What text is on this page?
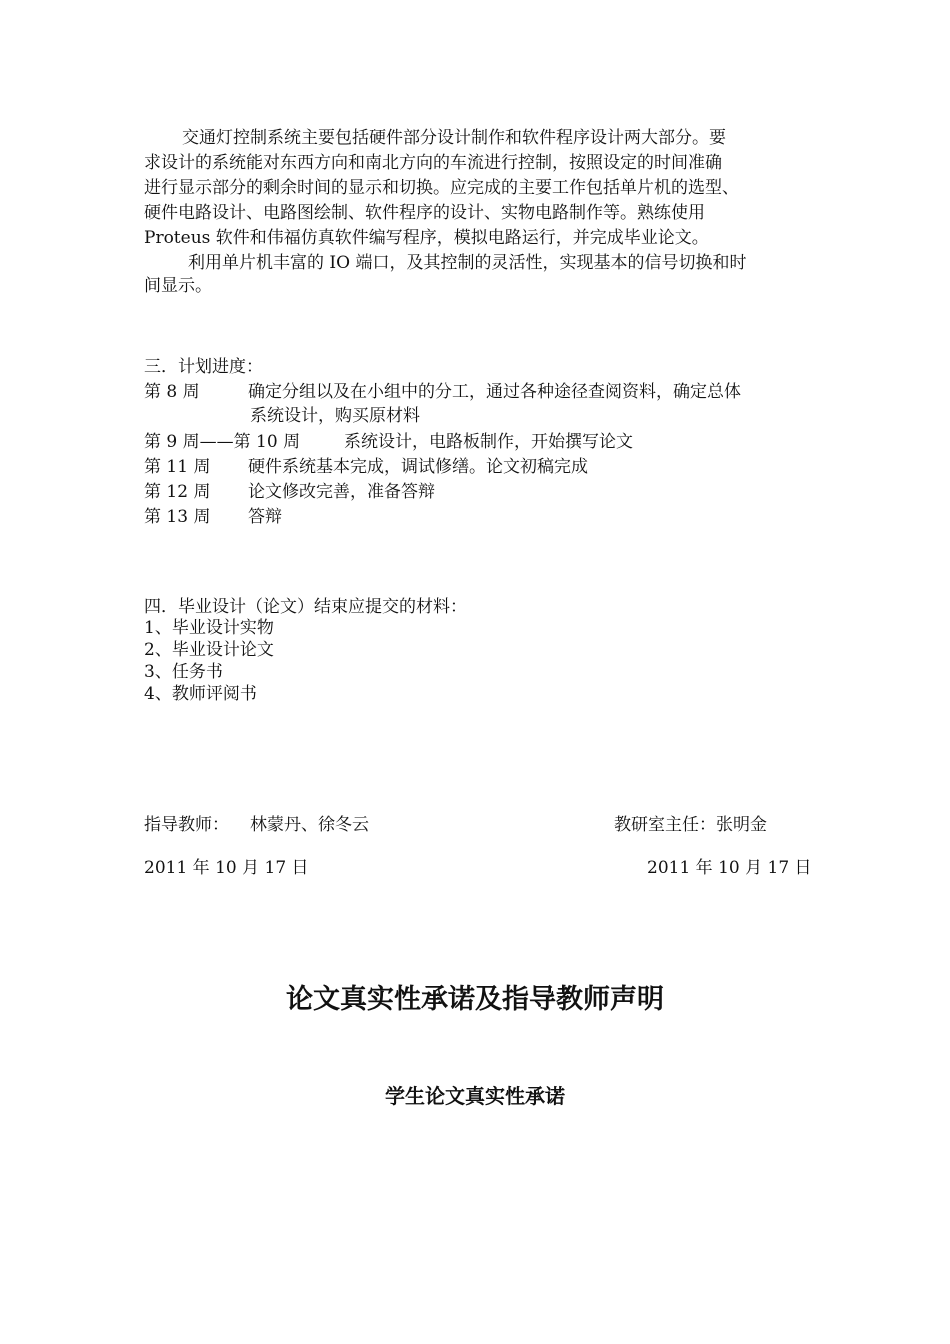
交通灯控制系统主要包括硬件部分设计制作和软件程序设计两大部分。要
求设计的系统能对东西方向和南北方向的车流进行控制，按照设定的时间准确
进行显示部分的剩余时间的显示和切换。应完成的主要工作包括单片机的选型、
硬件电路设计、电路图绘制、软件程序的设计、实物电路制作等。熟练使用
Proteus 软件和伟福仿真软件编写程序，模拟电路运行，并完成毕业论文。
利用单片机丰富的 IO 端口，及其控制的灵活性，实现基本的信号切换和时
间显示。
三．计划进度：
第 8 周	确定分组以及在小组中的分工，通过各种途径查阅资料，确定总体
系统设计，购买原材料
第 9 周——第 10 周	系统设计，电路板制作，开始撰写论文
第 11 周 硬件系统基本完成，调试修缮。论文初稿完成
第 12 周 论文修改完善，准备答辩
第 13 周 答辩
四．毕业设计（论文）结束应提交的材料：
1、毕业设计实物
2、毕业设计论文
3、任务书
4、教师评阅书
指导教师： 林蒙丹、徐冬云	教研室主任：张明金
2011 年 10 月 17 日	2011 年 10 月 17 日
论文真实性承诺及指导教师声明
学生论文真实性承诺
